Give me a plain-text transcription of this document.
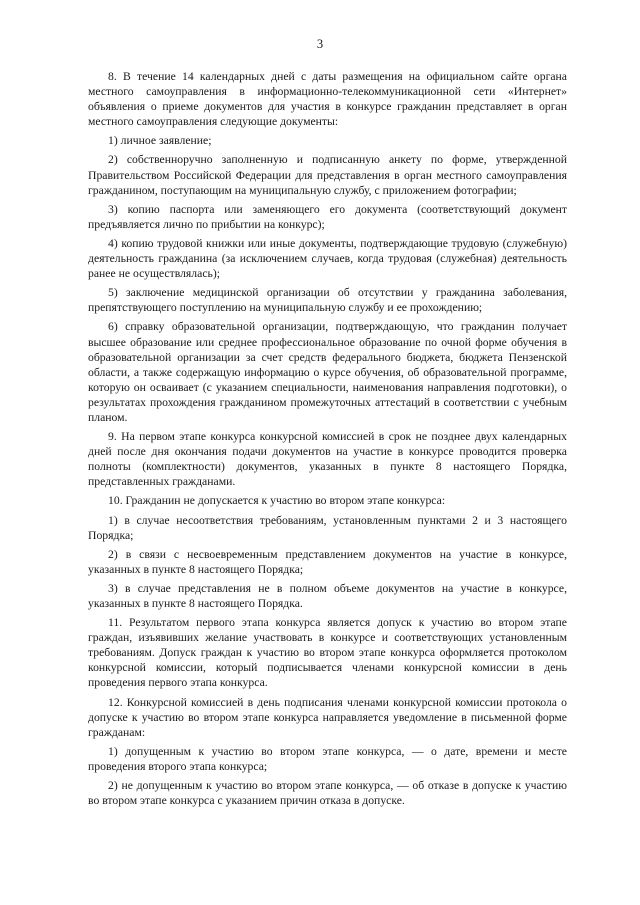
3

8. В течение 14 календарных дней с даты размещения на официальном сайте органа местного самоуправления в информационно-телекоммуникационной сети «Интернет» объявления о приеме документов для участия в конкурсе гражданин представляет в орган местного самоуправления следующие документы:

1) личное заявление;

2) собственноручно заполненную и подписанную анкету по форме, утвержденной Правительством Российской Федерации для представления в орган местного самоуправления гражданином, поступающим на муниципальную службу, с приложением фотографии;

3) копию паспорта или заменяющего его документа (соответствующий документ предъявляется лично по прибытии на конкурс);

4) копию трудовой книжки или иные документы, подтверждающие трудовую (служебную) деятельность гражданина (за исключением случаев, когда трудовая (служебная) деятельность ранее не осуществлялась);

5) заключение медицинской организации об отсутствии у гражданина заболевания, препятствующего поступлению на муниципальную службу и ее прохождению;

6) справку образовательной организации, подтверждающую, что гражданин получает высшее образование или среднее профессиональное образование по очной форме обучения в образовательной организации за счет средств федерального бюджета, бюджета Пензенской области, а также содержащую информацию о курсе обучения, об образовательной программе, которую он осваивает (с указанием специальности, наименования направления подготовки), о результатах прохождения гражданином промежуточных аттестаций в соответствии с учебным планом.

9. На первом этапе конкурса конкурсной комиссией в срок не позднее двух календарных дней после дня окончания подачи документов на участие в конкурсе проводится проверка полноты (комплектности) документов, указанных в пункте 8 настоящего Порядка, представленных гражданами.

10. Гражданин не допускается к участию во втором этапе конкурса:

1) в случае несоответствия требованиям, установленным пунктами 2 и 3 настоящего Порядка;

2) в связи с несвоевременным представлением документов на участие в конкурсе, указанных в пункте 8 настоящего Порядка;

3) в случае представления не в полном объеме документов на участие в конкурсе, указанных в пункте 8 настоящего Порядка.

11. Результатом первого этапа конкурса является допуск к участию во втором этапе граждан, изъявивших желание участвовать в конкурсе и соответствующих установленным требованиям. Допуск граждан к участию во втором этапе конкурса оформляется протоколом конкурсной комиссии, который подписывается членами конкурсной комиссии в день проведения первого этапа конкурса.

12. Конкурсной комиссией в день подписания членами конкурсной комиссии протокола о допуске к участию во втором этапе конкурса направляется уведомление в письменной форме гражданам:

1) допущенным к участию во втором этапе конкурса, — о дате, времени и месте проведения второго этапа конкурса;

2) не допущенным к участию во втором этапе конкурса, — об отказе в допуске к участию во втором этапе конкурса с указанием причин отказа в допуске.
